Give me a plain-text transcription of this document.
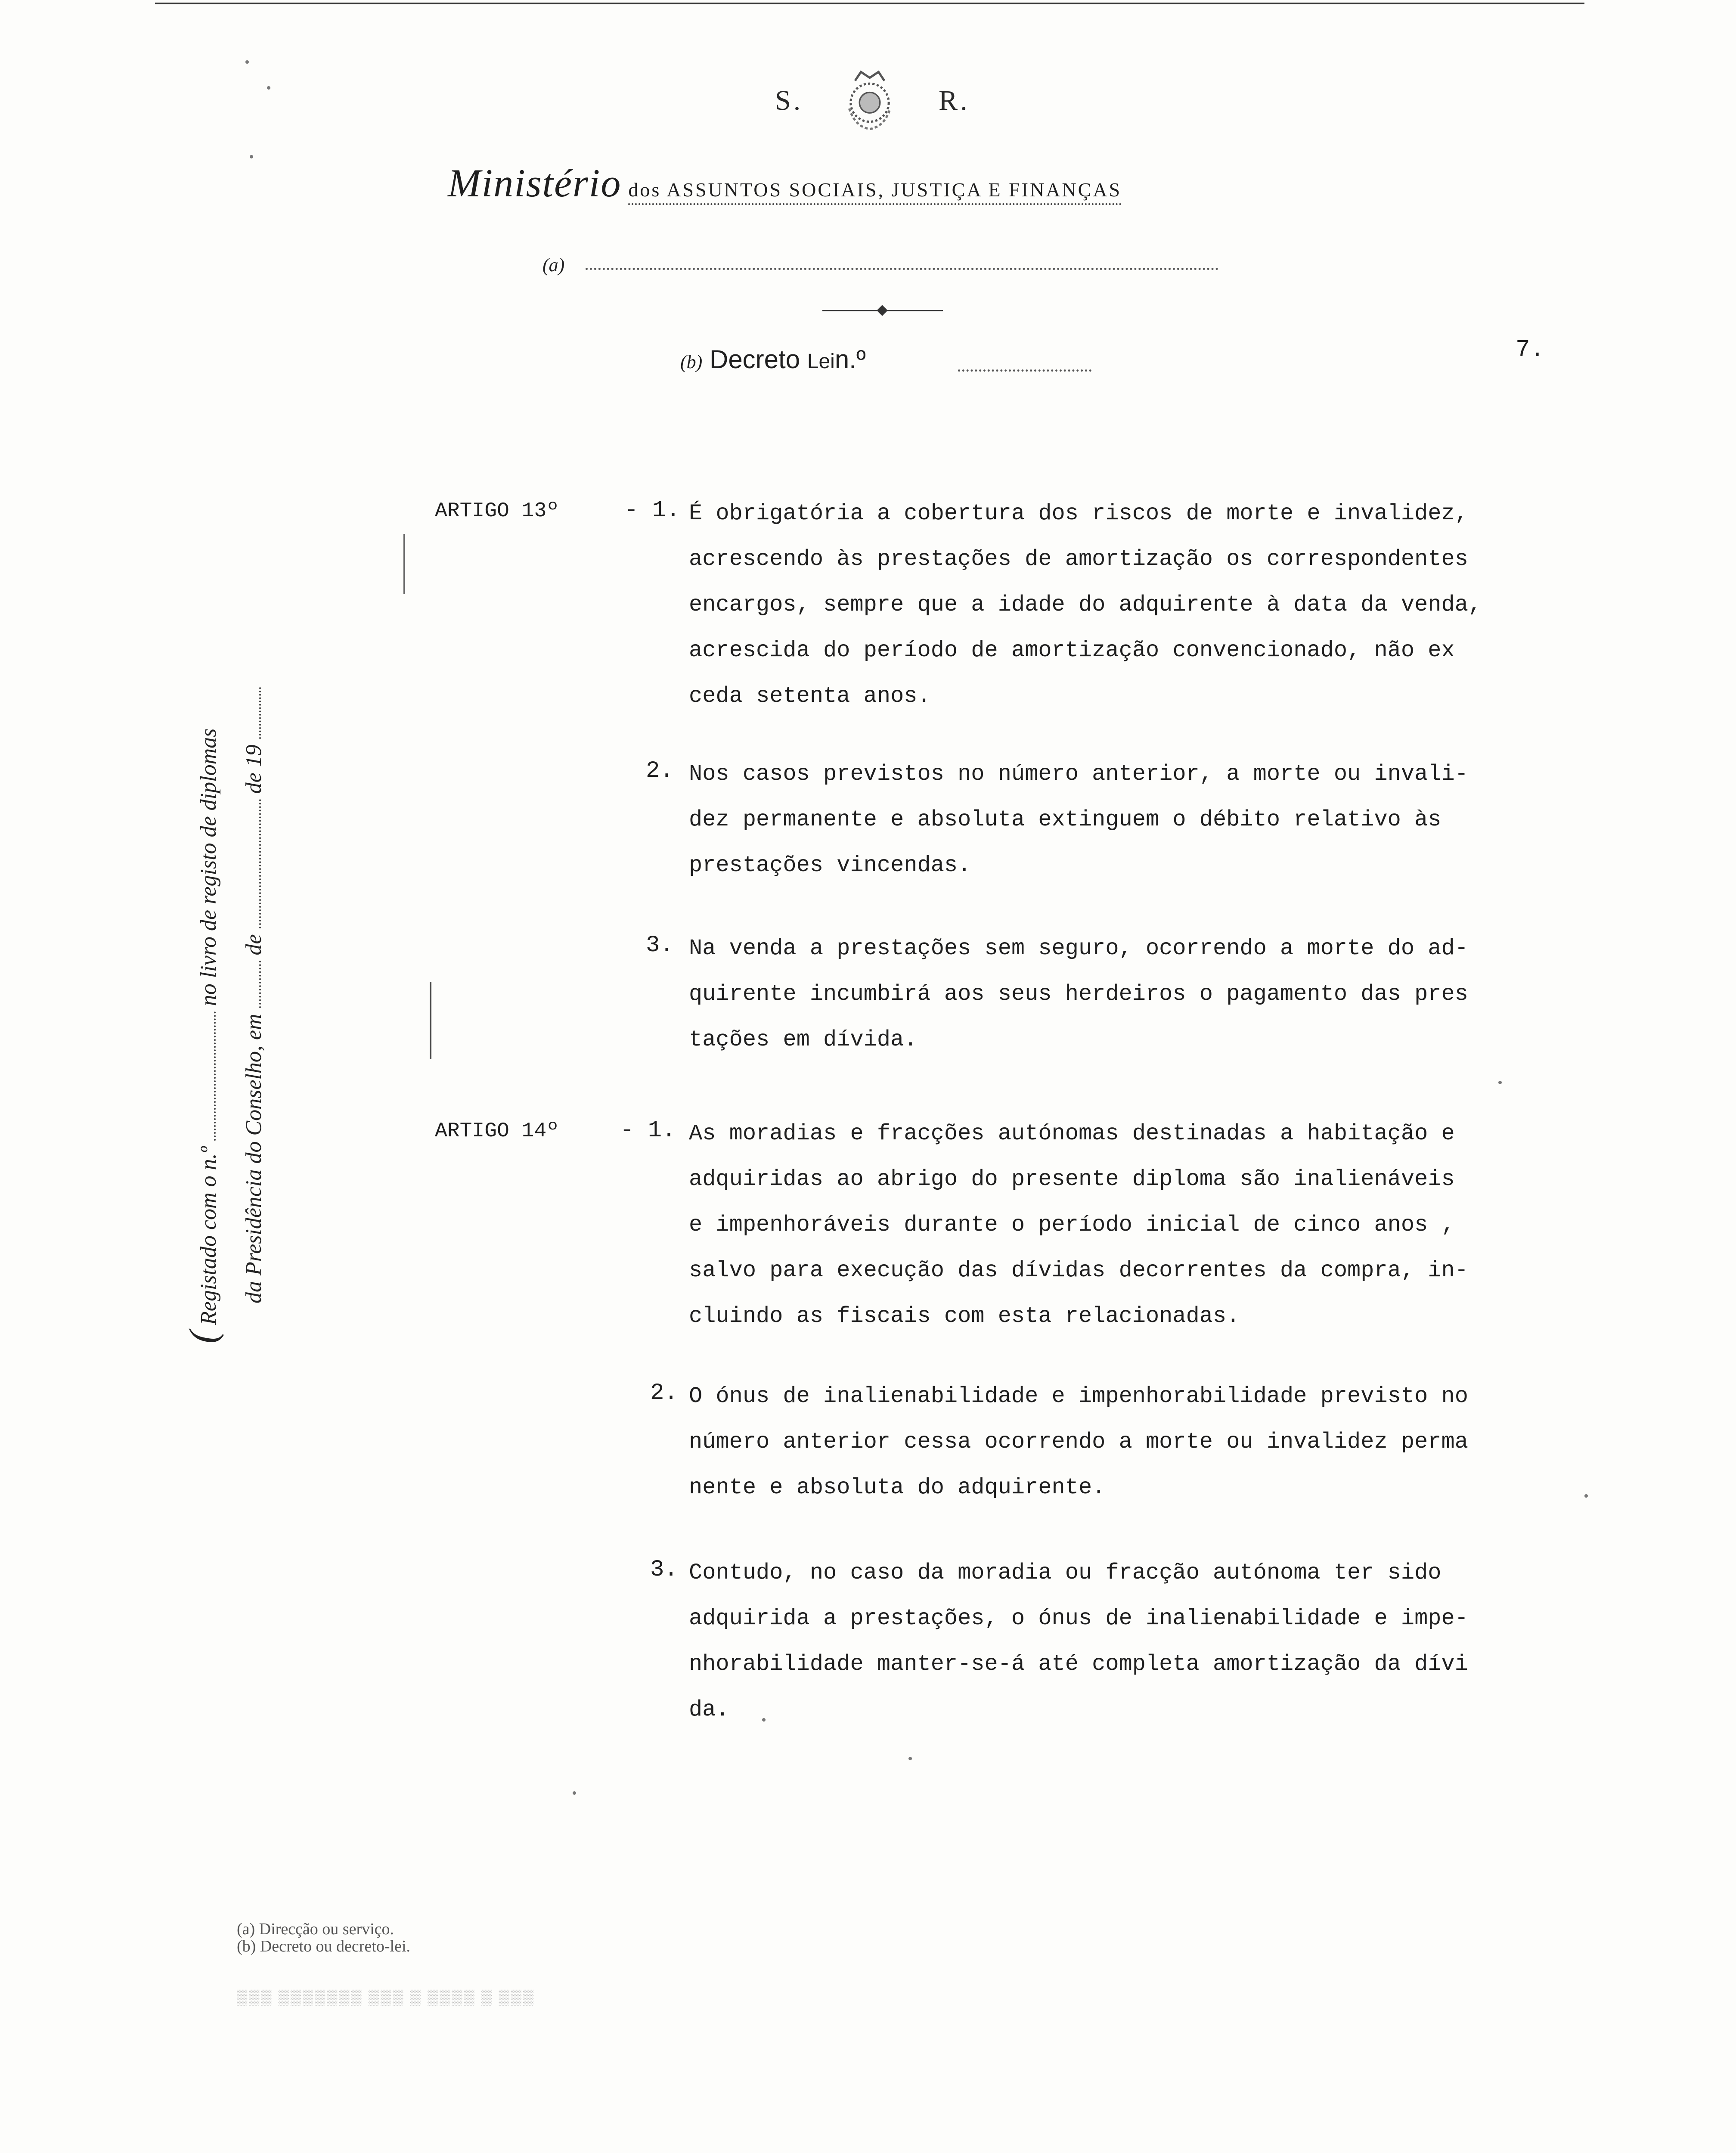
S.	R.
Ministério dos ASSUNTOS SOCIAIS, JUSTIÇA E FINANÇAS
(a)
(b) Decreto Lein.º	7.
( Registado com o n.º  no livro de registo de diplomas
da Presidência do Conselho, em  de  de 19
ARTIGO 13º	- 1. É obrigatória a cobertura dos riscos de morte e invalidez,
acrescendo às prestações de amortização os correspondentes
encargos, sempre que a idade do adquirente à data da venda,
acrescida do período de amortização convencionado, não ex
ceda setenta anos.
2. Nos casos previstos no número anterior, a morte ou invali-
dez permanente e absoluta extinguem o débito relativo às
prestações vincendas.
3. Na venda a prestações sem seguro, ocorrendo a morte do ad-
quirente incumbirá aos seus herdeiros o pagamento das pres
tações em dívida.
ARTIGO 14º	- 1. As moradias e fracções autónomas destinadas a habitação e
adquiridas ao abrigo do presente diploma são inalienáveis
e impenhoráveis durante o período inicial de cinco anos ,
salvo para execução das dívidas decorrentes da compra, in-
cluindo as fiscais com esta relacionadas.
2. O ónus de inalienabilidade e impenhorabilidade previsto no
número anterior cessa ocorrendo a morte ou invalidez perma
nente e absoluta do adquirente.
3. Contudo, no caso da moradia ou fracção autónoma ter sido
adquirida a prestações, o ónus de inalienabilidade e impe-
nhorabilidade manter-se-á até completa amortização da dívi
da.
(a) Direcção ou serviço.
(b) Decreto ou decreto-lei.
▒▒▒ ▒▒▒▒▒▒▒ ▒▒▒ ▒ ▒▒▒▒ ▒ ▒▒▒
